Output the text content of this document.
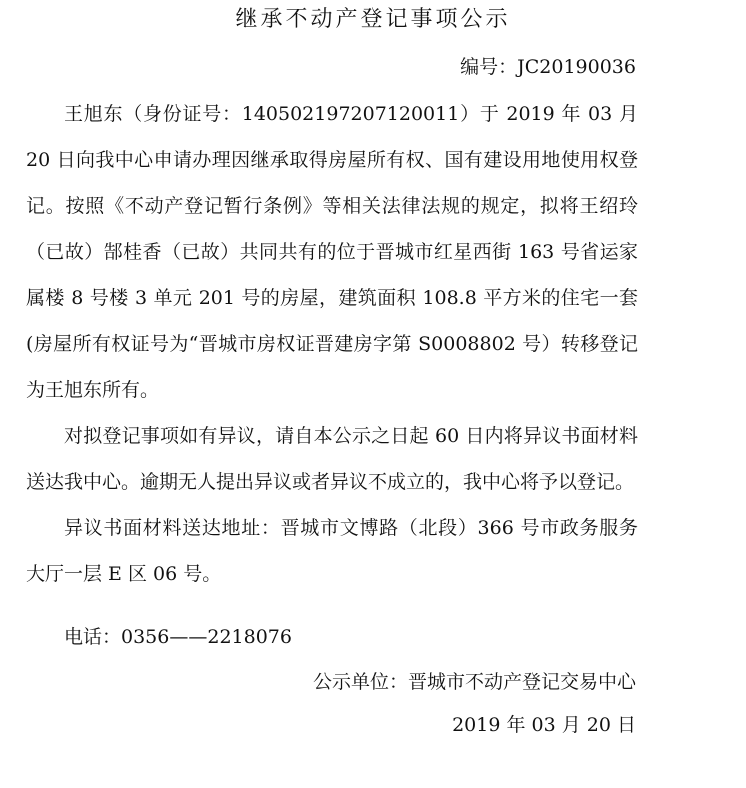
继承不动产登记事项公示
编号：JC20190036

王旭东（身份证号：140502197207120011）于 2019 年 03 月 20 日向我中心申请办理因继承取得房屋所有权、国有建设用地使用权登记。按照《不动产登记暂行条例》等相关法律法规的规定，拟将王绍玲（已故）郜桂香（已故）共同共有的位于晋城市红星西街 163 号省运家属楼 8 号楼 3 单元 201 号的房屋，建筑面积 108.8 平方米的住宅一套(房屋所有权证号为“晋城市房权证晋建房字第 S0008802 号）转移登记为王旭东所有。

对拟登记事项如有异议，请自本公示之日起 60 日内将异议书面材料送达我中心。逾期无人提出异议或者异议不成立的，我中心将予以登记。

异议书面材料送达地址：晋城市文博路（北段）366 号市政务服务大厅一层 E 区 06 号。

电话：0356——2218076
公示单位：晋城市不动产登记交易中心
2019 年 03 月 20 日
